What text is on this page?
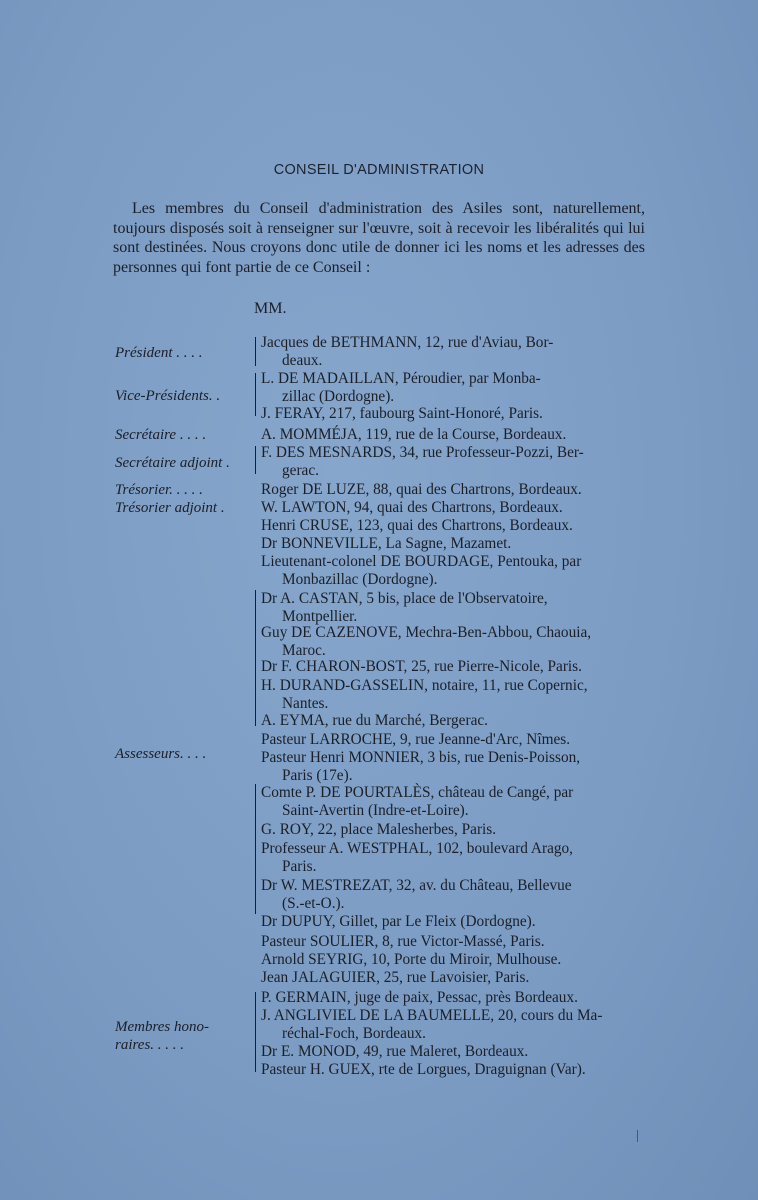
CONSEIL D'ADMINISTRATION
Les membres du Conseil d'administration des Asiles sont, naturellement, toujours disposés soit à renseigner sur l'œuvre, soit à recevoir les libéralités qui lui sont destinées. Nous croyons donc utile de donner ici les noms et les adresses des personnes qui font partie de ce Conseil :
MM.
Président . . . .
Vice-Présidents. .
Secrétaire . . . .
Secrétaire adjoint .
Trésorier. . . . .
Trésorier adjoint .
Assesseurs. . . .
Membres hono-
raires. . . . .
Jacques de BETHMANN, 12, rue d'Aviau, Bor-
deaux.
L. DE MADAILLAN, Péroudier, par Monba-
zillac (Dordogne).
J. FERAY, 217, faubourg Saint-Honoré, Paris.
A. MOMMÉJA, 119, rue de la Course, Bordeaux.
F. DES MESNARDS, 34, rue Professeur-Pozzi, Ber-
gerac.
Roger DE LUZE, 88, quai des Chartrons, Bordeaux.
W. LAWTON, 94, quai des Chartrons, Bordeaux.
Henri CRUSE, 123, quai des Chartrons, Bordeaux.
Dr BONNEVILLE, La Sagne, Mazamet.
Lieutenant-colonel DE BOURDAGE, Pentouka, par
Monbazillac (Dordogne).
Dr A. CASTAN, 5 bis, place de l'Observatoire,
Montpellier.
Guy DE CAZENOVE, Mechra-Ben-Abbou, Chaouia,
Maroc.
Dr F. CHARON-BOST, 25, rue Pierre-Nicole, Paris.
H. DURAND-GASSELIN, notaire, 11, rue Copernic,
Nantes.
A. EYMA, rue du Marché, Bergerac.
Pasteur LARROCHE, 9, rue Jeanne-d'Arc, Nîmes.
Pasteur Henri MONNIER, 3 bis, rue Denis-Poisson,
Paris (17e).
Comte P. DE POURTALÈS, château de Cangé, par
Saint-Avertin (Indre-et-Loire).
G. ROY, 22, place Malesherbes, Paris.
Professeur A. WESTPHAL, 102, boulevard Arago,
Paris.
Dr W. MESTREZAT, 32, av. du Château, Bellevue
(S.-et-O.).
Dr DUPUY, Gillet, par Le Fleix (Dordogne).
Pasteur SOULIER, 8, rue Victor-Massé, Paris.
Arnold SEYRIG, 10, Porte du Miroir, Mulhouse.
Jean JALAGUIER, 25, rue Lavoisier, Paris.
P. GERMAIN, juge de paix, Pessac, près Bordeaux.
J. ANGLIVIEL DE LA BAUMELLE, 20, cours du Ma-
réchal-Foch, Bordeaux.
Dr E. MONOD, 49, rue Maleret, Bordeaux.
Pasteur H. GUEX, rte de Lorgues, Draguignan (Var).
